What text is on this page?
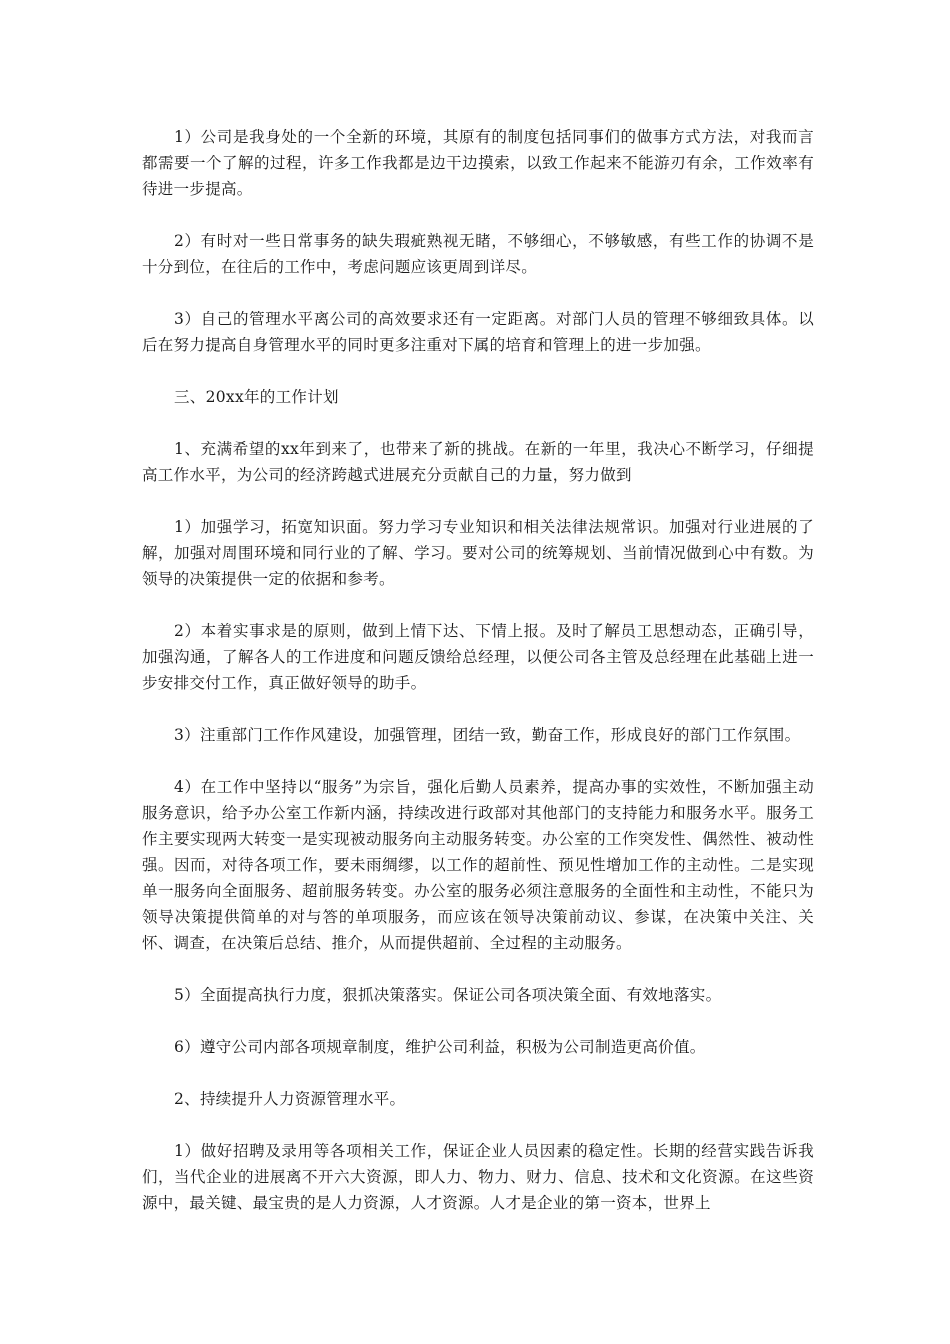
1）公司是我身处的一个全新的环境，其原有的制度包括同事们的做事方式方法，对我而言都需要一个了解的过程，许多工作我都是边干边摸索，以致工作起来不能游刃有余，工作效率有待进一步提高。

2）有时对一些日常事务的缺失瑕疵熟视无睹，不够细心，不够敏感，有些工作的协调不是十分到位，在往后的工作中，考虑问题应该更周到详尽。

3）自己的管理水平离公司的高效要求还有一定距离。对部门人员的管理不够细致具体。以后在努力提高自身管理水平的同时更多注重对下属的培育和管理上的进一步加强。

三、20xx年的工作计划

1、充满希望的xx年到来了，也带来了新的挑战。在新的一年里，我决心不断学习，仔细提高工作水平，为公司的经济跨越式进展充分贡献自己的力量，努力做到

1）加强学习，拓宽知识面。努力学习专业知识和相关法律法规常识。加强对行业进展的了解，加强对周围环境和同行业的了解、学习。要对公司的统筹规划、当前情况做到心中有数。为领导的决策提供一定的依据和参考。

2）本着实事求是的原则，做到上情下达、下情上报。及时了解员工思想动态，正确引导，加强沟通，了解各人的工作进度和问题反馈给总经理，以便公司各主管及总经理在此基础上进一步安排交付工作，真正做好领导的助手。

3）注重部门工作作风建设，加强管理，团结一致，勤奋工作，形成良好的部门工作氛围。

4）在工作中坚持以“服务”为宗旨，强化后勤人员素养，提高办事的实效性，不断加强主动服务意识，给予办公室工作新内涵，持续改进行政部对其他部门的支持能力和服务水平。服务工作主要实现两大转变一是实现被动服务向主动服务转变。办公室的工作突发性、偶然性、被动性强。因而，对待各项工作，要未雨绸缪，以工作的超前性、预见性增加工作的主动性。二是实现单一服务向全面服务、超前服务转变。办公室的服务必须注意服务的全面性和主动性，不能只为领导决策提供简单的对与答的单项服务，而应该在领导决策前动议、参谋，在决策中关注、关怀、调查，在决策后总结、推介，从而提供超前、全过程的主动服务。

5）全面提高执行力度，狠抓决策落实。保证公司各项决策全面、有效地落实。

6）遵守公司内部各项规章制度，维护公司利益，积极为公司制造更高价值。

2、持续提升人力资源管理水平。

1）做好招聘及录用等各项相关工作，保证企业人员因素的稳定性。长期的经营实践告诉我们，当代企业的进展离不开六大资源，即人力、物力、财力、信息、技术和文化资源。在这些资源中，最关键、最宝贵的是人力资源，人才资源。人才是企业的第一资本，世界上
